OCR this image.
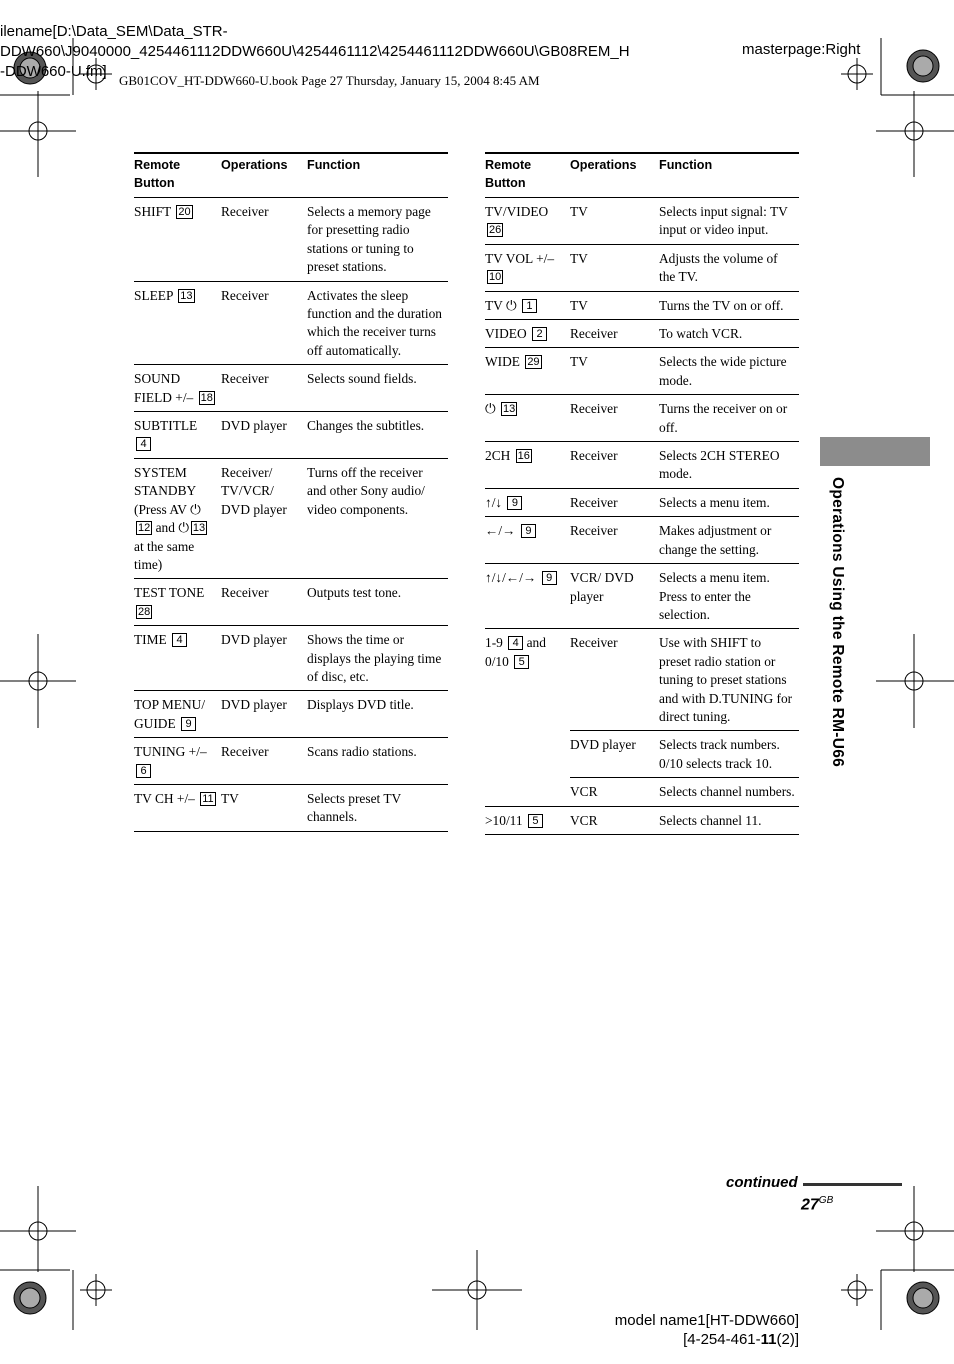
ilename[D:\Data_SEM\Data_STR-
DDW660\J9040000_4254461112DDW660U\4254461112\4254461112DDW660U\GB08REM_H
-DDW660-U.fm]
masterpage:Right
GB01COV_HT-DDW660-U.book Page 27 Thursday, January 15, 2004 8:45 AM
Remote Button	Operations	Function
SHIFT 20	Receiver	Selects a memory page for presetting radio stations or tuning to preset stations.
SLEEP 13	Receiver	Activates the sleep function and the duration which the receiver turns off automatically.
SOUND FIELD +/– 18	Receiver	Selects sound fields.
SUBTITLE 4	DVD player	Changes the subtitles.
SYSTEM STANDBY (Press AV ⏻12 and ⏻ 13 at the same time)	Receiver/ TV/VCR/ DVD player	Turns off the receiver and other Sony audio/ video components.
TEST TONE 28	Receiver	Outputs test tone.
TIME 4	DVD player	Shows the time or displays the playing time of disc, etc.
TOP MENU/ GUIDE 9	DVD player	Displays DVD title.
TUNING +/– 6	Receiver	Scans radio stations.
TV CH +/– 11	TV	Selects preset TV channels.
Remote Button	Operations	Function
TV/VIDEO 26	TV	Selects input signal: TV input or video input.
TV VOL +/– 10	TV	Adjusts the volume of the TV.
TV ⏻ 1	TV	Turns the TV on or off.
VIDEO 2	Receiver	To watch VCR.
WIDE 29	TV	Selects the wide picture mode.
⏻ 13	Receiver	Turns the receiver on or off.
2CH 16	Receiver	Selects 2CH STEREO mode.
↑/↓ 9	Receiver	Selects a menu item.
←/→ 9	Receiver	Makes adjustment or change the setting.
↑/↓/←/→ 9	VCR/ DVD player	Selects a menu item. Press to enter the selection.
1-9 4 and 0/10 5	Receiver	Use with SHIFT to preset radio station or tuning to preset stations and with D.TUNING for direct tuning.
	DVD player	Selects track numbers. 0/10 selects track 10.
	VCR	Selects channel numbers.
>10/11 5	VCR	Selects channel 11.
Operations Using the Remote RM-U66
continued
$27^{GB}$
model name1[HT-DDW660]
[4-254-461-11(2)]
